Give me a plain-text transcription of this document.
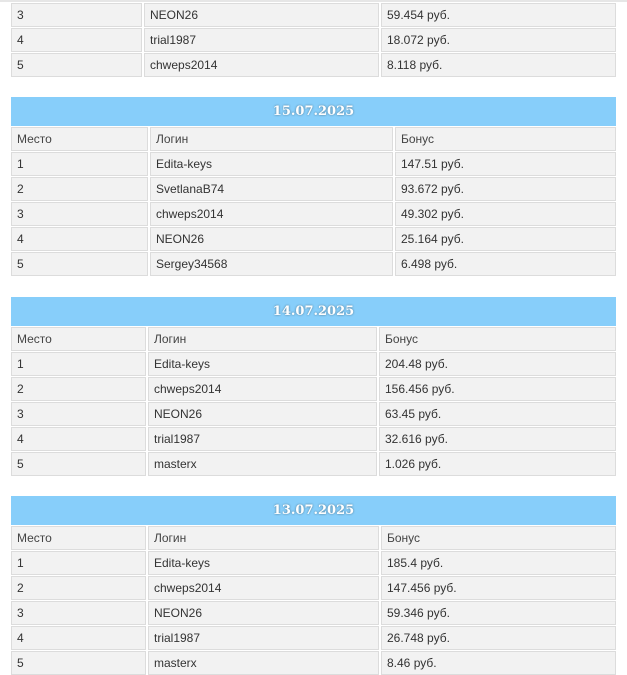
3	NEON26	59.454 руб.
4	trial1987	18.072 руб.
5	chweps2014	8.118 руб.
15.07.2025
Место	Логин	Бонус
1	Edita-keys	147.51 руб.
2	SvetlanaB74	93.672 руб.
3	chweps2014	49.302 руб.
4	NEON26	25.164 руб.
5	Sergey34568	6.498 руб.
14.07.2025
Место	Логин	Бонус
1	Edita-keys	204.48 руб.
2	chweps2014	156.456 руб.
3	NEON26	63.45 руб.
4	trial1987	32.616 руб.
5	masterx	1.026 руб.
13.07.2025
Место	Логин	Бонус
1	Edita-keys	185.4 руб.
2	chweps2014	147.456 руб.
3	NEON26	59.346 руб.
4	trial1987	26.748 руб.
5	masterx	8.46 руб.
